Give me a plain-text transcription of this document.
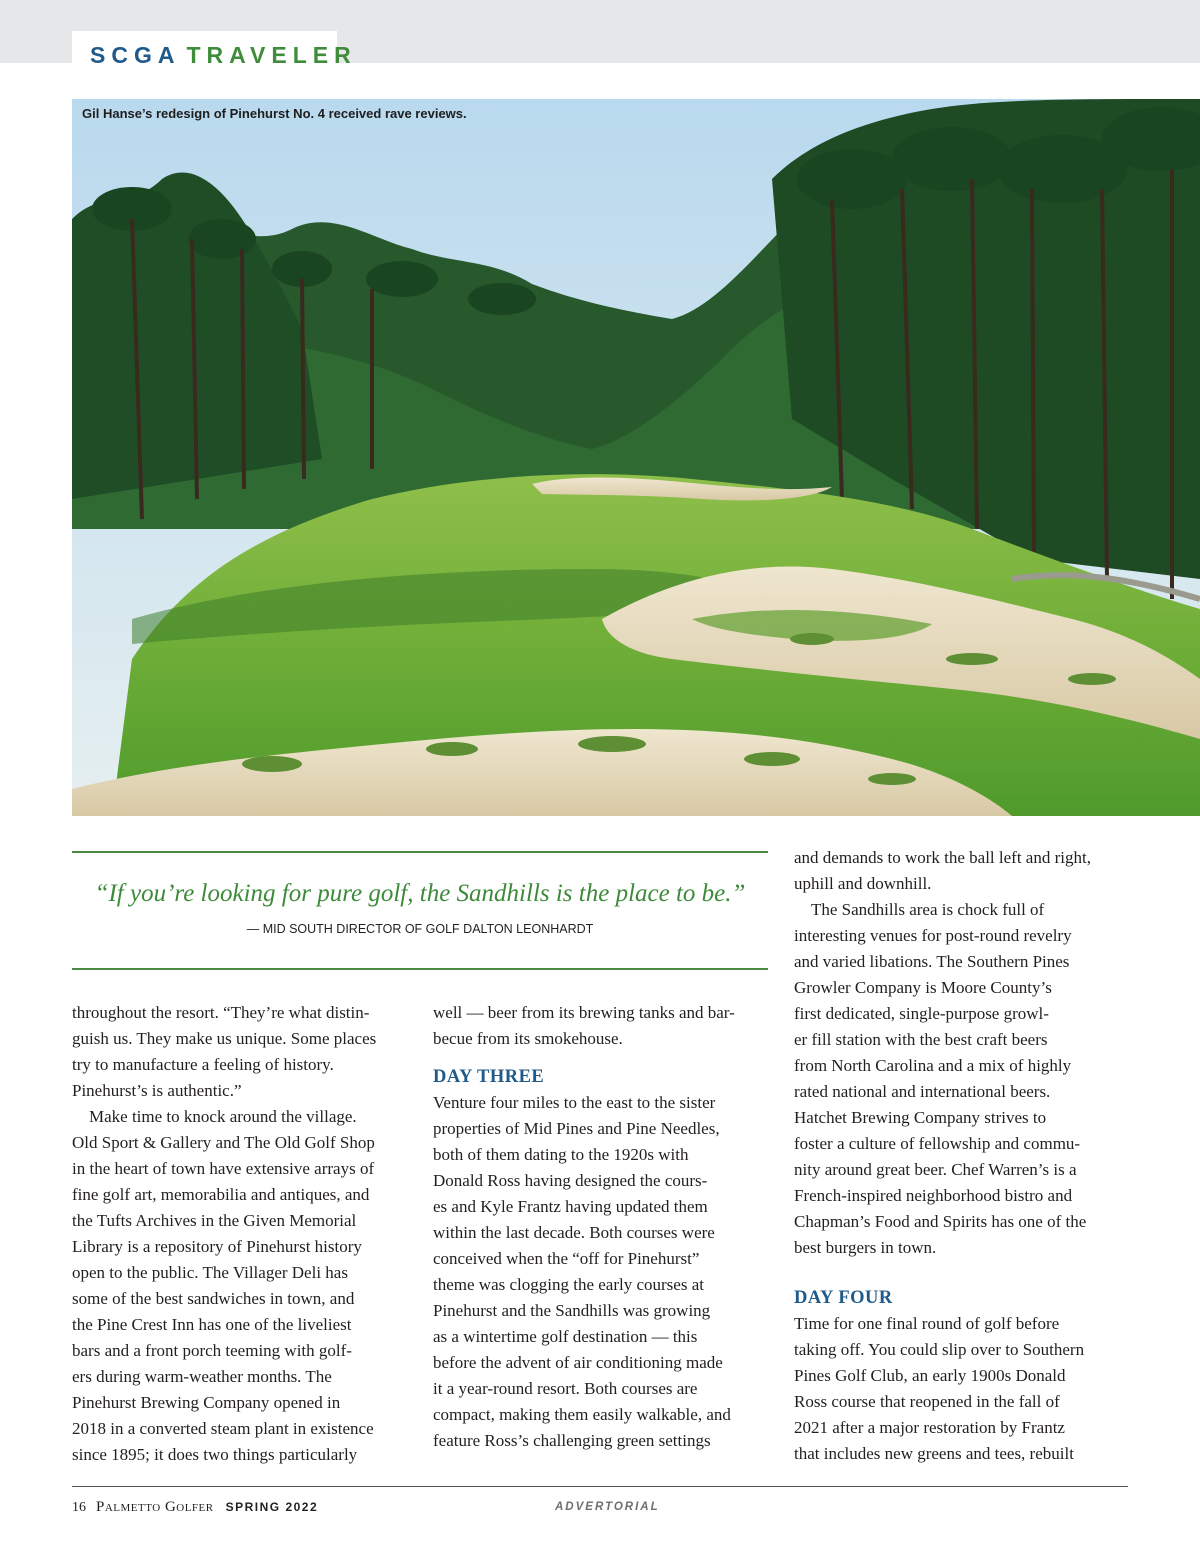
SCGA TRAVELER
Gil Hanse’s redesign of Pinehurst No. 4 received rave reviews.
“If you’re looking for pure golf, the Sandhills is the place to be.”
— MID SOUTH DIRECTOR OF GOLF DALTON LEONHARDT
throughout the resort. “They’re what distin-
guish us. They make us unique. Some places
try to manufacture a feeling of history.
Pinehurst’s is authentic.”
 Make time to knock around the village.
Old Sport & Gallery and The Old Golf Shop
in the heart of town have extensive arrays of
fine golf art, memorabilia and antiques, and
the Tufts Archives in the Given Memorial
Library is a repository of Pinehurst history
open to the public. The Villager Deli has
some of the best sandwiches in town, and
the Pine Crest Inn has one of the liveliest
bars and a front porch teeming with golf-
ers during warm-weather months. The
Pinehurst Brewing Company opened in
2018 in a converted steam plant in existence
since 1895; it does two things particularly
well — beer from its brewing tanks and bar-
becue from its smokehouse.
DAY THREE
Venture four miles to the east to the sister
properties of Mid Pines and Pine Needles,
both of them dating to the 1920s with
Donald Ross having designed the cours-
es and Kyle Frantz having updated them
within the last decade. Both courses were
conceived when the “off for Pinehurst”
theme was clogging the early courses at
Pinehurst and the Sandhills was growing
as a wintertime golf destination — this
before the advent of air conditioning made
it a year-round resort. Both courses are
compact, making them easily walkable, and
feature Ross’s challenging green settings
and demands to work the ball left and right,
uphill and downhill.
 The Sandhills area is chock full of
interesting venues for post-round revelry
and varied libations. The Southern Pines
Growler Company is Moore County’s
first dedicated, single-purpose growl-
er fill station with the best craft beers
from North Carolina and a mix of highly
rated national and international beers.
Hatchet Brewing Company strives to
foster a culture of fellowship and commu-
nity around great beer. Chef Warren’s is a
French-inspired neighborhood bistro and
Chapman’s Food and Spirits has one of the
best burgers in town.
DAY FOUR
Time for one final round of golf before
taking off. You could slip over to Southern
Pines Golf Club, an early 1900s Donald
Ross course that reopened in the fall of
2021 after a major restoration by Frantz
that includes new greens and tees, rebuilt
16 Palmetto Golfer SPRING 2022	ADVERTORIAL
